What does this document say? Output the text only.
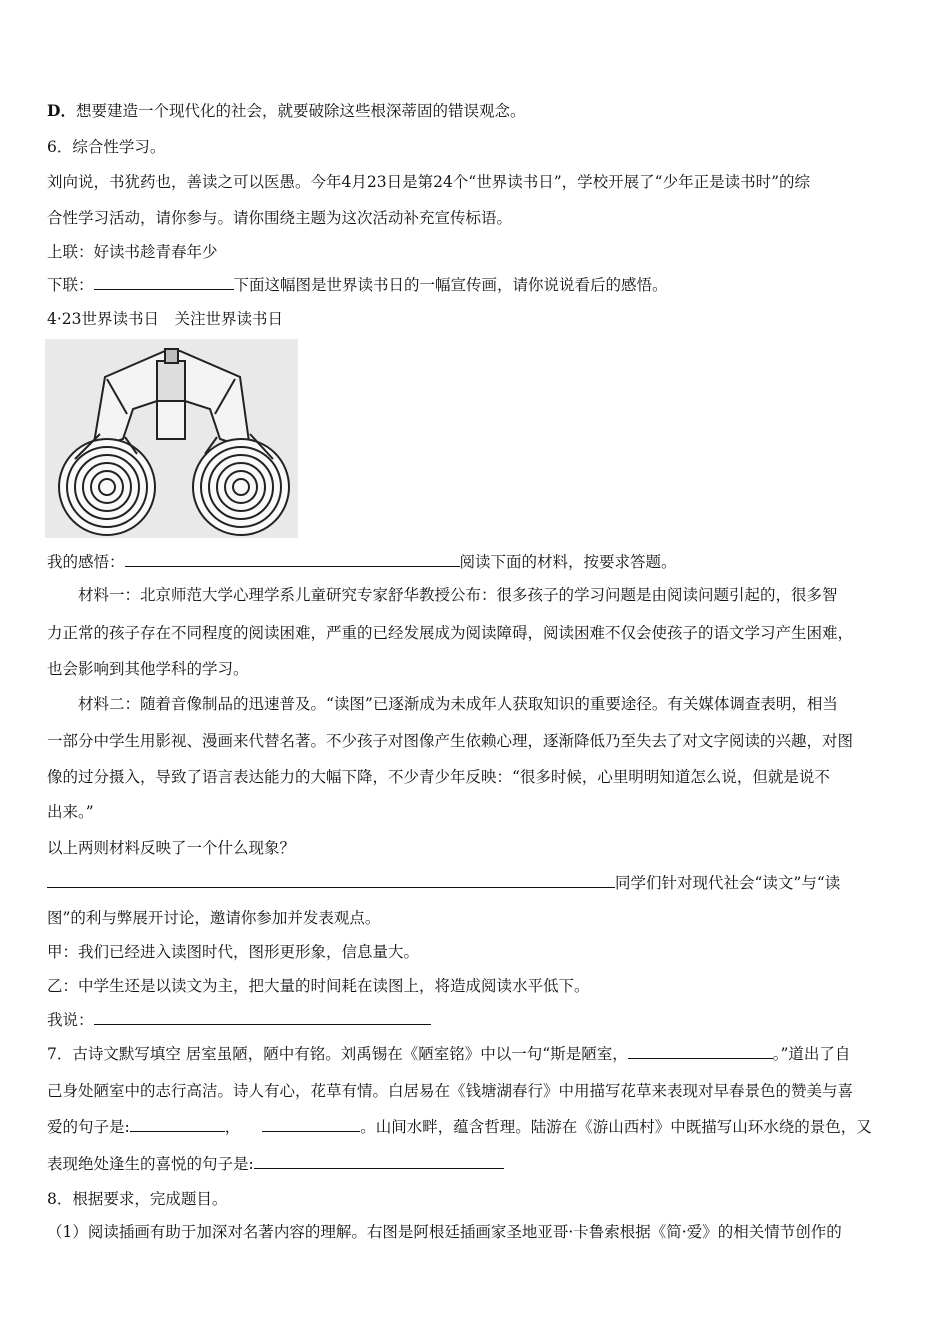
D．想要建造一个现代化的社会，就要破除这些根深蒂固的错误观念。
6．综合性学习。
刘向说，书犹药也，善读之可以医愚。今年4月23日是第24个“世界读书日”，学校开展了“少年正是读书时”的综
合性学习活动，请你参与。请你围绕主题为这次活动补充宣传标语。
上联：好读书趁青春年少
下联：	下面这幅图是世界读书日的一幅宣传画，请你说说看后的感悟。
4·23世界读书日　关注世界读书日
我的感悟：	阅读下面的材料，按要求答题。
材料一：北京师范大学心理学系儿童研究专家舒华教授公布：很多孩子的学习问题是由阅读问题引起的，很多智
力正常的孩子存在不同程度的阅读困难，严重的已经发展成为阅读障碍，阅读困难不仅会使孩子的语文学习产生困难，
也会影响到其他学科的学习。
材料二：随着音像制品的迅速普及。“读图”已逐渐成为未成年人获取知识的重要途径。有关媒体调查表明，相当
一部分中学生用影视、漫画来代替名著。不少孩子对图像产生依赖心理，逐渐降低乃至失去了对文字阅读的兴趣，对图
像的过分摄入，导致了语言表达能力的大幅下降，不少青少年反映：“很多时候，心里明明知道怎么说，但就是说不
出来。”
以上两则材料反映了一个什么现象？
同学们针对现代社会“读文”与“读
图”的利与弊展开讨论，邀请你参加并发表观点。
甲：我们已经进入读图时代，图形更形象，信息量大。
乙：中学生还是以读文为主，把大量的时间耗在读图上，将造成阅读水平低下。
我说：
7．古诗文默写填空 居室虽陋，陋中有铭。刘禹锡在《陋室铭》中以一句“斯是陋室，	。”道出了自
己身处陋室中的志行高洁。诗人有心，花草有情。白居易在《钱塘湖春行》中用描写花草来表现对早春景色的赞美与喜
爱的句子是:	，	。山间水畔，蕴含哲理。陆游在《游山西村》中既描写山环水绕的景色，又
表现绝处逢生的喜悦的句子是:
8．根据要求，完成题目。
（1）阅读插画有助于加深对名著内容的理解。右图是阿根廷插画家圣地亚哥·卡鲁索根据《简·爱》的相关情节创作的
